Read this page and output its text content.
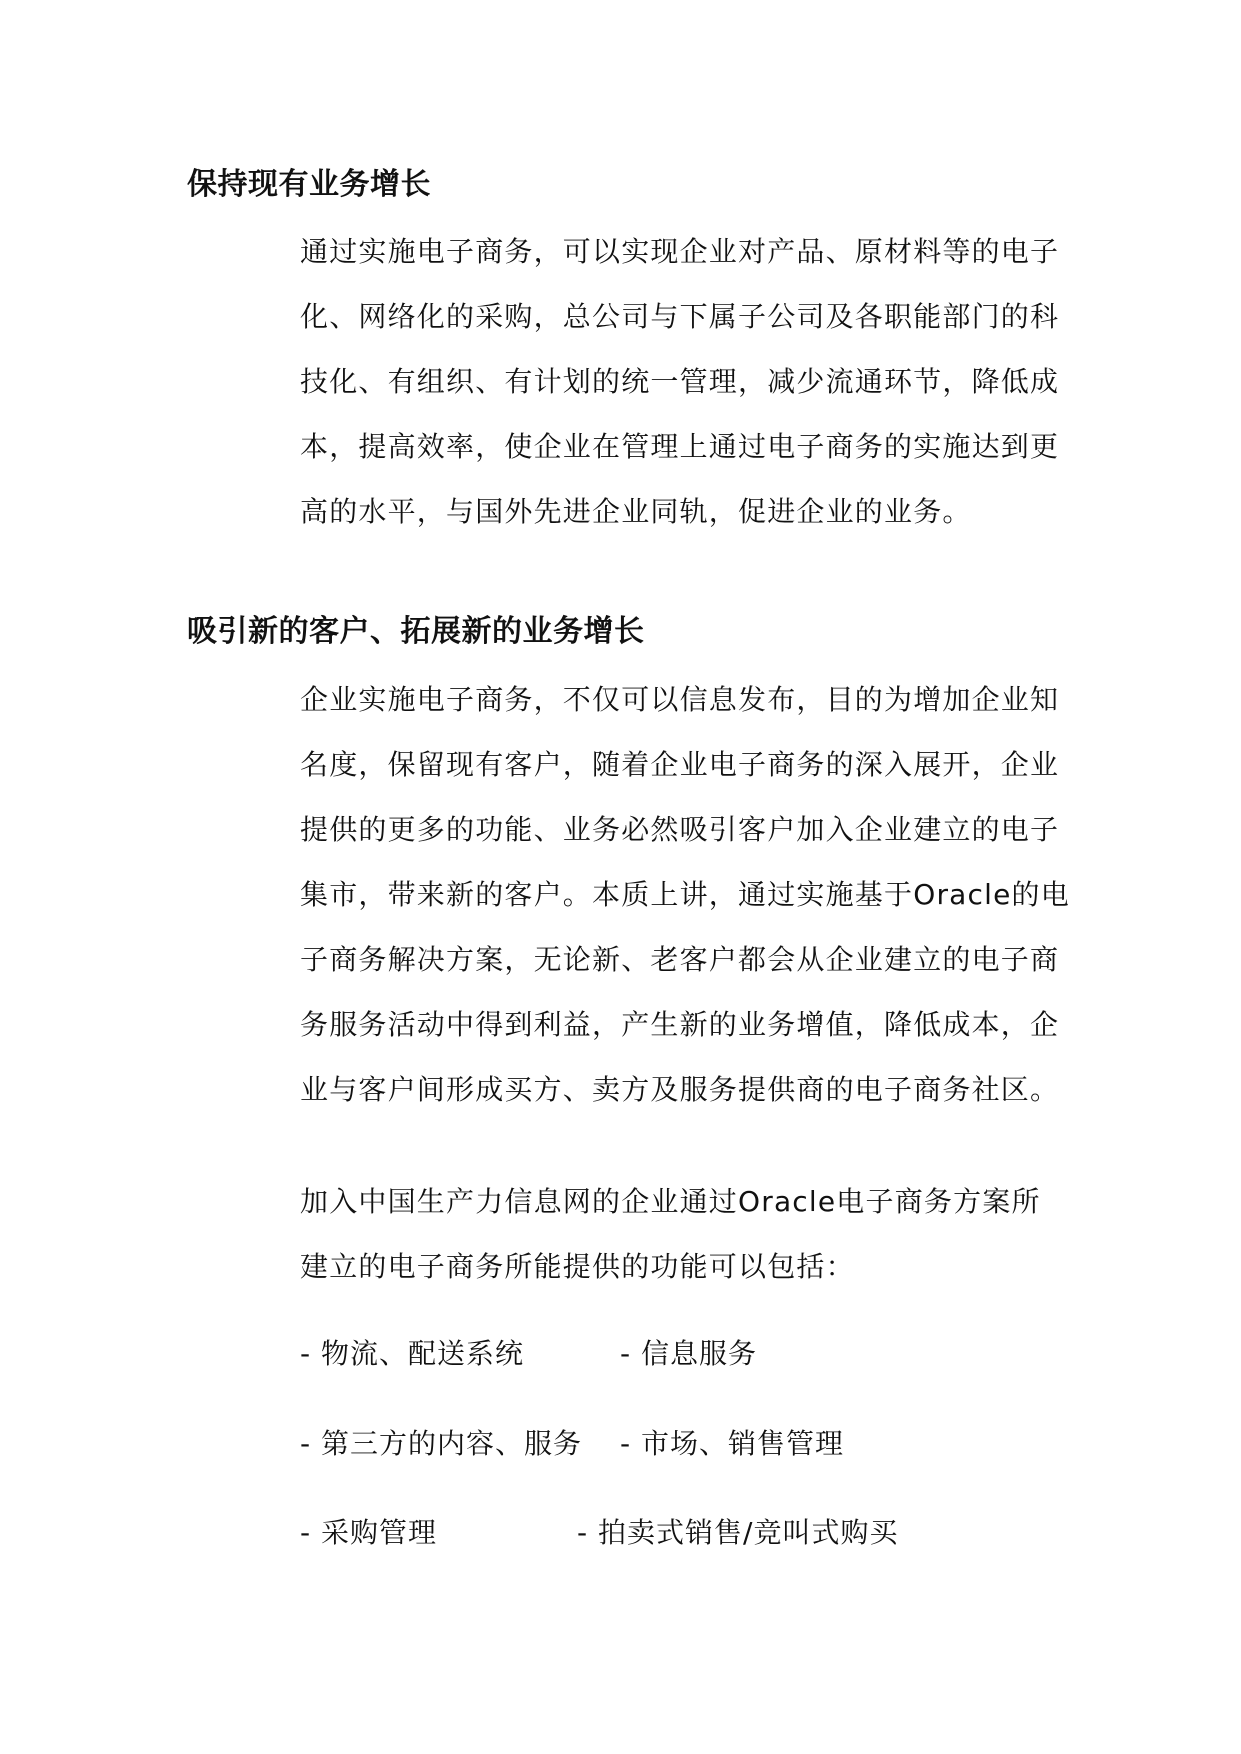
保持现有业务增长
通过实施电子商务，可以实现企业对产品、原材料等的电子
化、网络化的采购，总公司与下属子公司及各职能部门的科
技化、有组织、有计划的统一管理，减少流通环节，降低成
本，提高效率，使企业在管理上通过电子商务的实施达到更
高的水平，与国外先进企业同轨，促进企业的业务。
吸引新的客户、拓展新的业务增长
企业实施电子商务，不仅可以信息发布，目的为增加企业知
名度，保留现有客户，随着企业电子商务的深入展开，企业
提供的更多的功能、业务必然吸引客户加入企业建立的电子
集市，带来新的客户。本质上讲，通过实施基于Oracle的电
子商务解决方案，无论新、老客户都会从企业建立的电子商
务服务活动中得到利益，产生新的业务增值，降低成本，企
业与客户间形成买方、卖方及服务提供商的电子商务社区。
加入中国生产力信息网的企业通过Oracle电子商务方案所
建立的电子商务所能提供的功能可以包括：

- 物流、配送系统	- 信息服务

- 第三方的内容、服务 - 市场、销售管理

- 采购管理	- 拍卖式销售/竞叫式购买
